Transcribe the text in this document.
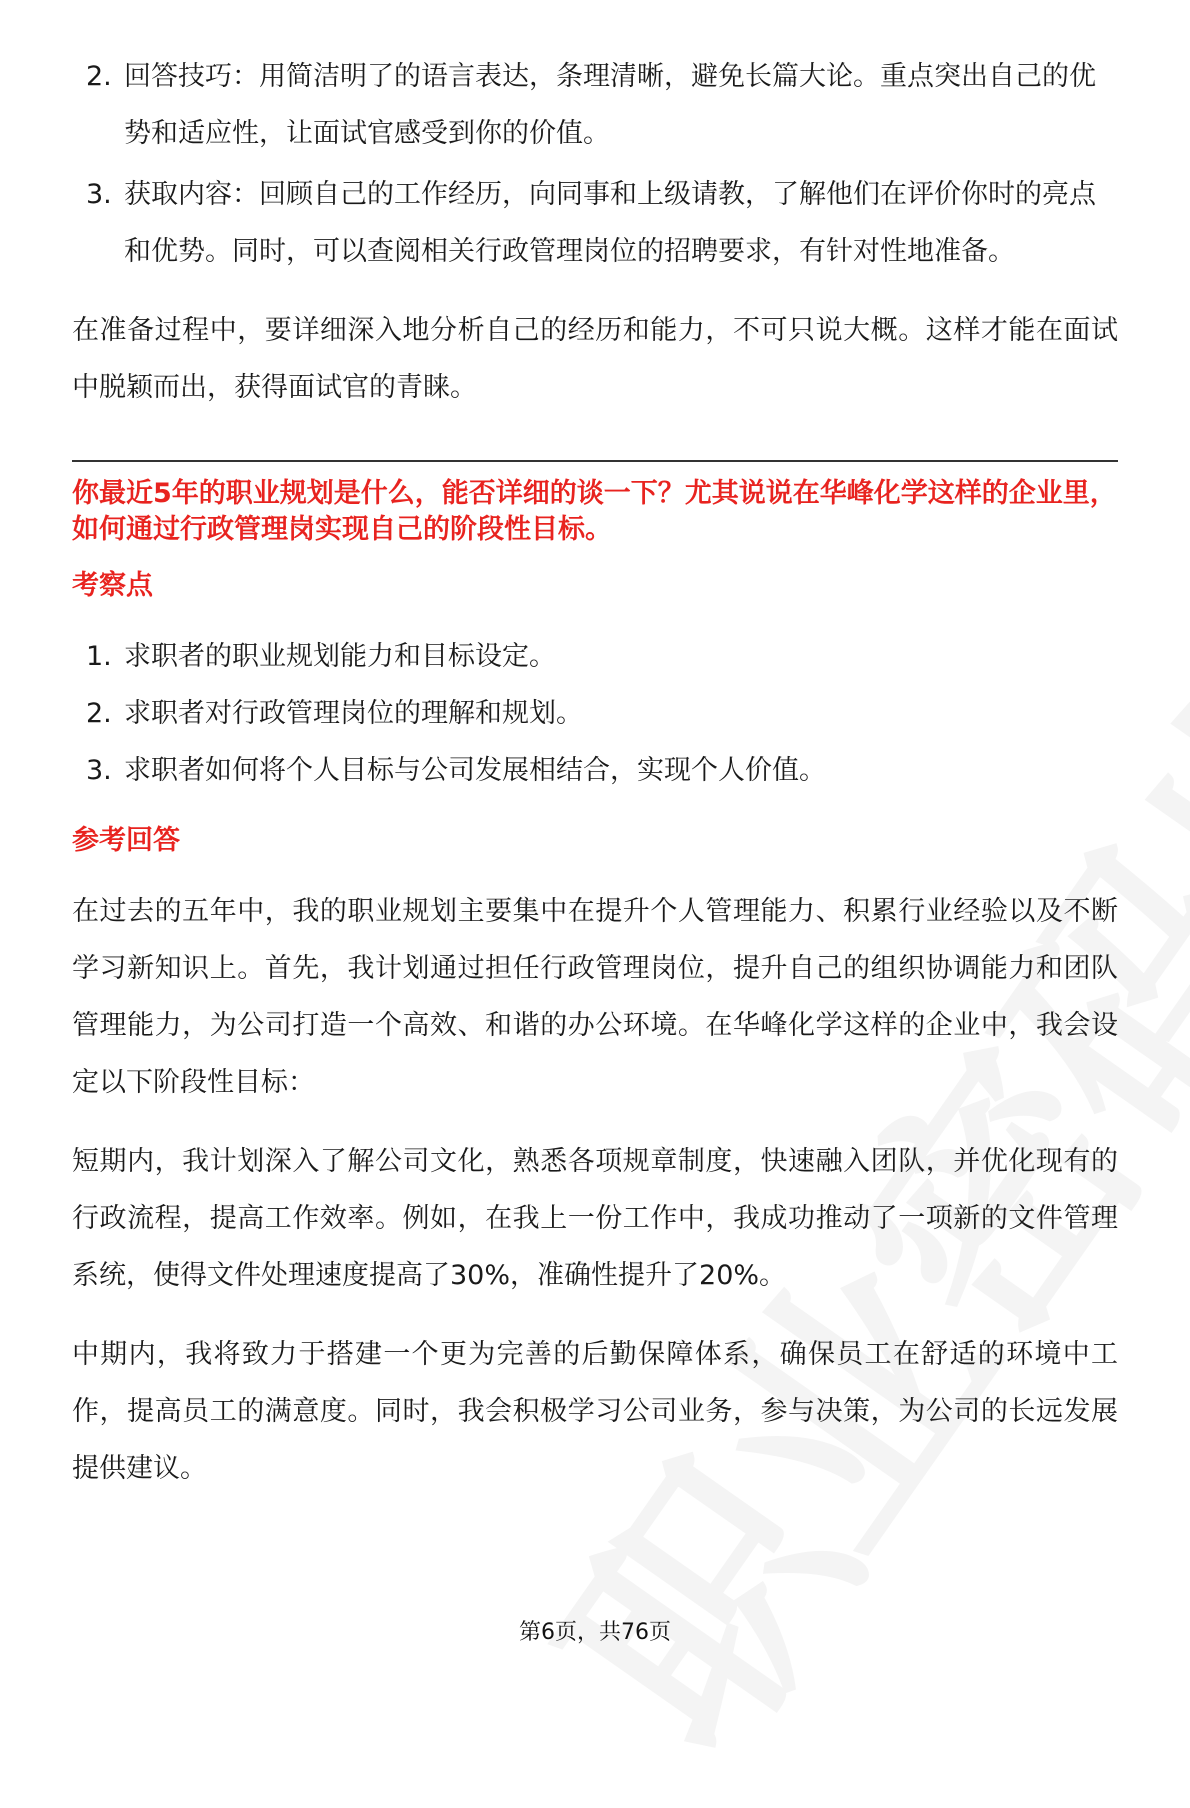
2. 回答技巧：用简洁明了的语言表达，条理清晰，避免长篇大论。重点突出自己的优势和适应性，让面试官感受到你的价值。
3. 获取内容：回顾自己的工作经历，向同事和上级请教，了解他们在评价你时的亮点和优势。同时，可以查阅相关行政管理岗位的招聘要求，有针对性地准备。

在准备过程中，要详细深入地分析自己的经历和能力，不可只说大概。这样才能在面试中脱颖而出，获得面试官的青睐。

你最近5年的职业规划是什么，能否详细的谈一下？尤其说说在华峰化学这样的企业里，如何通过行政管理岗实现自己的阶段性目标。

考察点

1. 求职者的职业规划能力和目标设定。
2. 求职者对行政管理岗位的理解和规划。
3. 求职者如何将个人目标与公司发展相结合，实现个人价值。

参考回答

在过去的五年中，我的职业规划主要集中在提升个人管理能力、积累行业经验以及不断学习新知识上。首先，我计划通过担任行政管理岗位，提升自己的组织协调能力和团队管理能力，为公司打造一个高效、和谐的办公环境。在华峰化学这样的企业中，我会设定以下阶段性目标：

短期内，我计划深入了解公司文化，熟悉各项规章制度，快速融入团队，并优化现有的行政流程，提高工作效率。例如，在我上一份工作中，我成功推动了一项新的文件管理系统，使得文件处理速度提高了30%，准确性提升了20%。

中期内，我将致力于搭建一个更为完善的后勤保障体系，确保员工在舒适的环境中工作，提高员工的满意度。同时，我会积极学习公司业务，参与决策，为公司的长远发展提供建议。

第6页，共76页
